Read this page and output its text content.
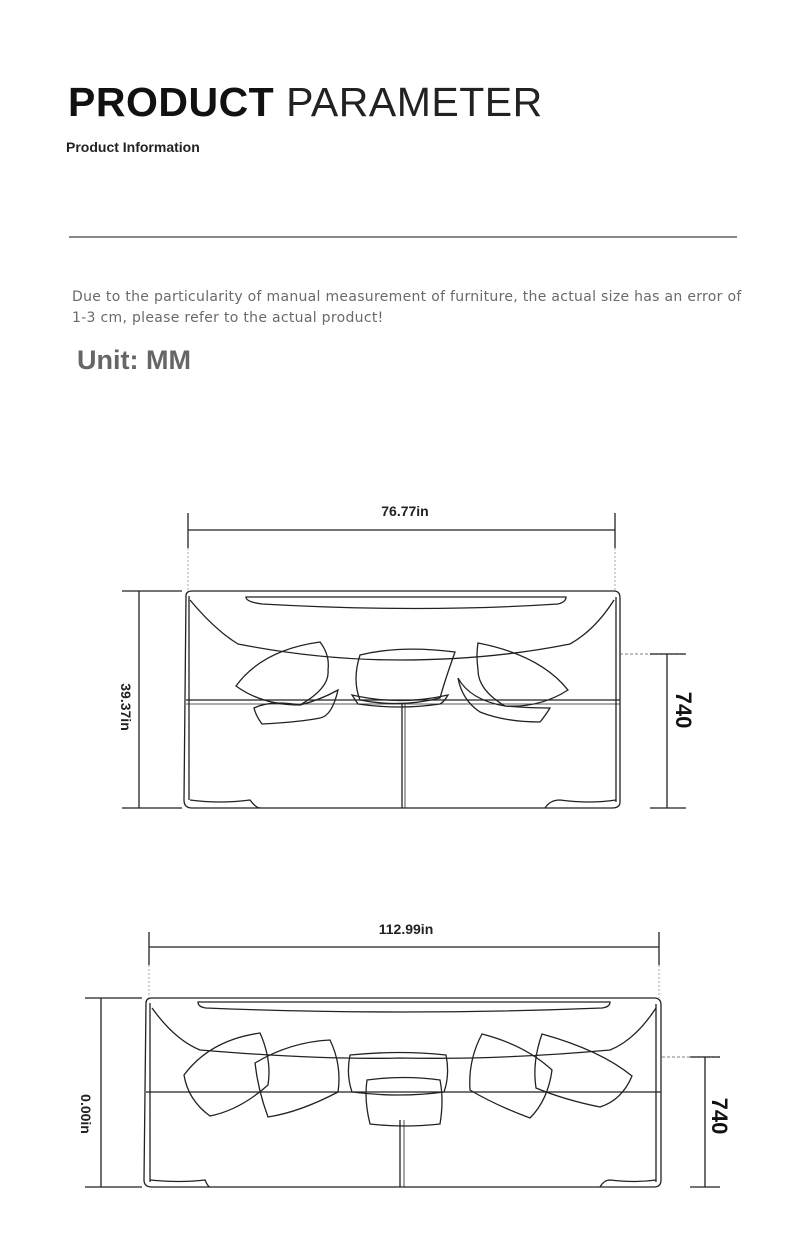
PRODUCT PARAMETER
Product Information
Due to the particularity of manual measurement of furniture, the actual size has an error of 1-3 cm, please refer to the actual product!
Unit: MM
76.77in
39.37in	740
112.99in
0.00in	740
